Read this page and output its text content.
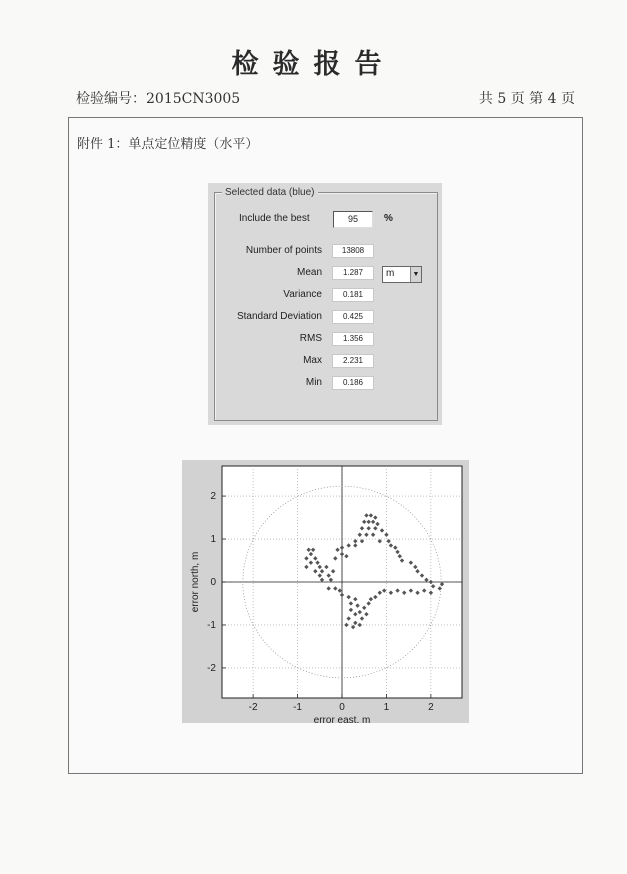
检验报告
检验编号：2015CN3005	共 5 页 第 4 页
附件 1：单点定位精度（水平）
Selected data (blue)
Include the best	95	%
Number of points	13808
Mean	1.287	m	▼
Variance	0.181
Standard Deviation	0.425
RMS	1.356
Max	2.231
Min	0.186
-2	-1	0	1	2
-2
-1
0
1
2
error east, m
error north, m
